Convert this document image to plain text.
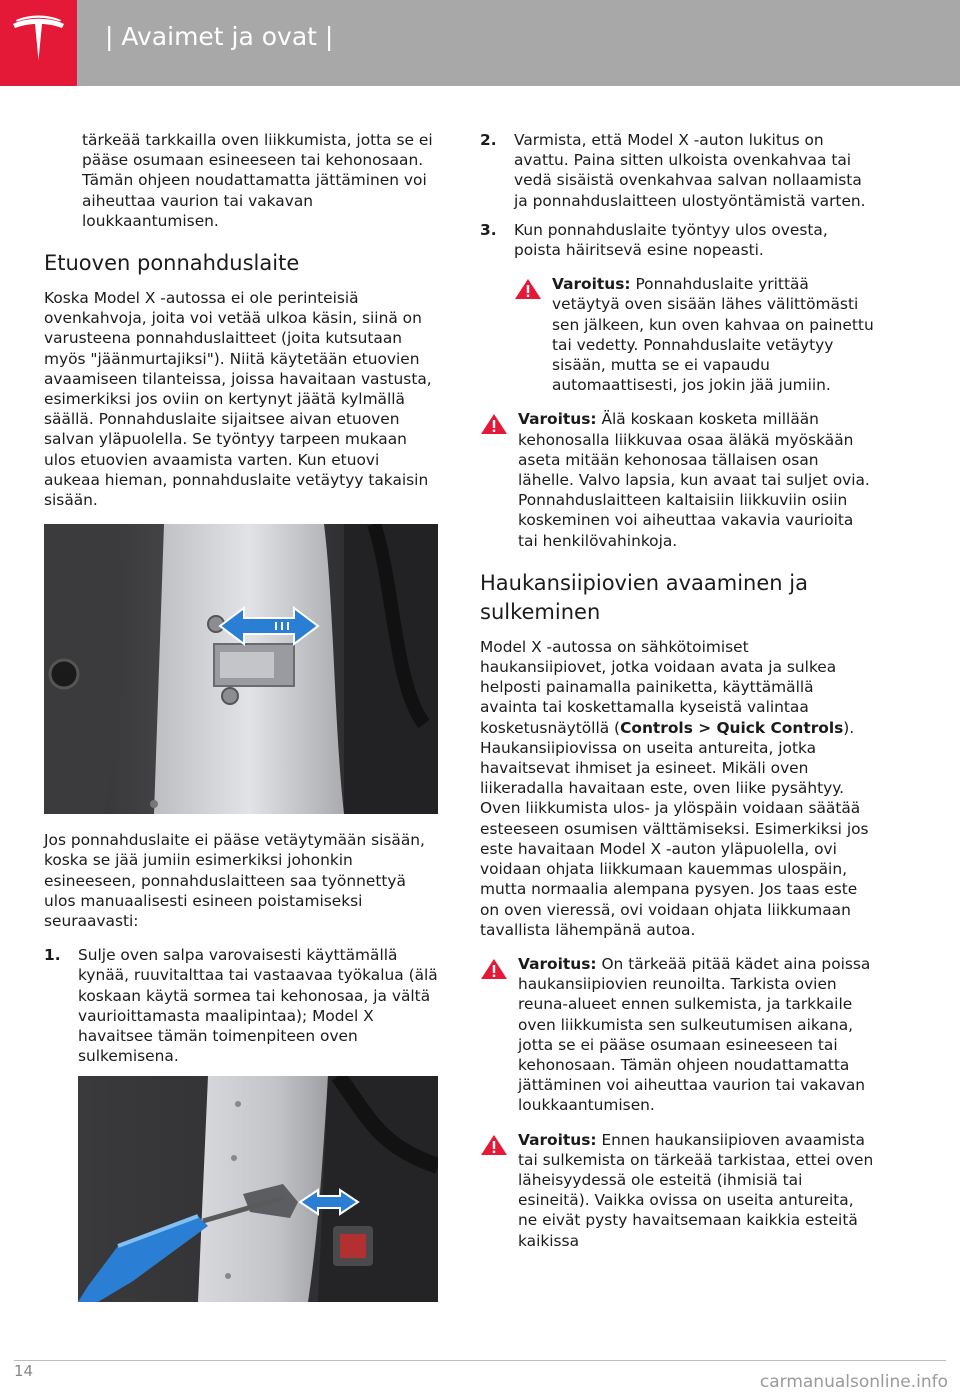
| Avaimet ja ovat |

tärkeää tarkkailla oven liikkumista, jotta se ei pääse osumaan esineeseen tai kehonosaan. Tämän ohjeen noudattamatta jättäminen voi aiheuttaa vaurion tai vakavan loukkaantumisen.

Etuoven ponnahduslaite

Koska Model X -autossa ei ole perinteisiä ovenkahvoja, joita voi vetää ulkoa käsin, siinä on varusteena ponnahduslaitteet (joita kutsutaan myös "jäänmurtajiksi"). Niitä käytetään etuovien avaamiseen tilanteissa, joissa havaitaan vastusta, esimerkiksi jos oviin on kertynyt jäätä kylmällä säällä. Ponnahduslaite sijaitsee aivan etuoven salvan yläpuolella. Se työntyy tarpeen mukaan ulos etuovien avaamista varten. Kun etuovi aukeaa hieman, ponnahduslaite vetäytyy takaisin sisään.

Jos ponnahduslaite ei pääse vetäytymään sisään, koska se jää jumiin esimerkiksi johonkin esineeseen, ponnahduslaitteen saa työnnettyä ulos manuaalisesti esineen poistamiseksi seuraavasti:

1. Sulje oven salpa varovaisesti käyttämällä kynää, ruuvitalttaa tai vastaavaa työkalua (älä koskaan käytä sormea tai kehonosaa, ja vältä vaurioittamasta maalipintaa); Model X havaitsee tämän toimenpiteen oven sulkemisena.
2. Varmista, että Model X -auton lukitus on avattu. Paina sitten ulkoista ovenkahvaa tai vedä sisäistä ovenkahvaa salvan nollaamista ja ponnahduslaitteen ulostyöntämistä varten.
3. Kun ponnahduslaite työntyy ulos ovesta, poista häiritsevä esine nopeasti.
Varoitus: Ponnahduslaite yrittää vetäytyä oven sisään lähes välittömästi sen jälkeen, kun oven kahvaa on painettu tai vedetty. Ponnahduslaite vetäytyy sisään, mutta se ei vapaudu automaattisesti, jos jokin jää jumiin.
Varoitus: Älä koskaan kosketa millään kehonosalla liikkuvaa osaa äläkä myöskään aseta mitään kehonosaa tällaisen osan lähelle. Valvo lapsia, kun avaat tai suljet ovia. Ponnahduslaitteen kaltaisiin liikkuviin osiin koskeminen voi aiheuttaa vakavia vaurioita tai henkilövahinkoja.
Haukansiipiovien avaaminen ja sulkeminen

Model X -autossa on sähkötoimiset haukansiipiovet, jotka voidaan avata ja sulkea helposti painamalla painiketta, käyttämällä avainta tai koskettamalla kyseistä valintaa kosketusnäytöllä (Controls > Quick Controls). Haukansiipiovissa on useita antureita, jotka havaitsevat ihmiset ja esineet. Mikäli oven liikeradalla havaitaan este, oven liike pysähtyy. Oven liikkumista ulos- ja ylöspäin voidaan säätää esteeseen osumisen välttämiseksi. Esimerkiksi jos este havaitaan Model X -auton yläpuolella, ovi voidaan ohjata liikkumaan kauemmas ulospäin, mutta normaalia alempana pysyen. Jos taas este on oven vieressä, ovi voidaan ohjata liikkumaan tavallista lähempänä autoa.

Varoitus: On tärkeää pitää kädet aina poissa haukansiipiovien reunoilta. Tarkista ovien reuna-alueet ennen sulkemista, ja tarkkaile oven liikkumista sen sulkeutumisen aikana, jotta se ei pääse osumaan esineeseen tai kehonosaan. Tämän ohjeen noudattamatta jättäminen voi aiheuttaa vaurion tai vakavan loukkaantumisen.
Varoitus: Ennen haukansiipioven avaamista tai sulkemista on tärkeää tarkistaa, ettei oven läheisyydessä ole esteitä (ihmisiä tai esineitä). Vaikka ovissa on useita antureita, ne eivät pysty havaitsemaan kaikkia esteitä kaikissa
14
carmanualsonline.info
